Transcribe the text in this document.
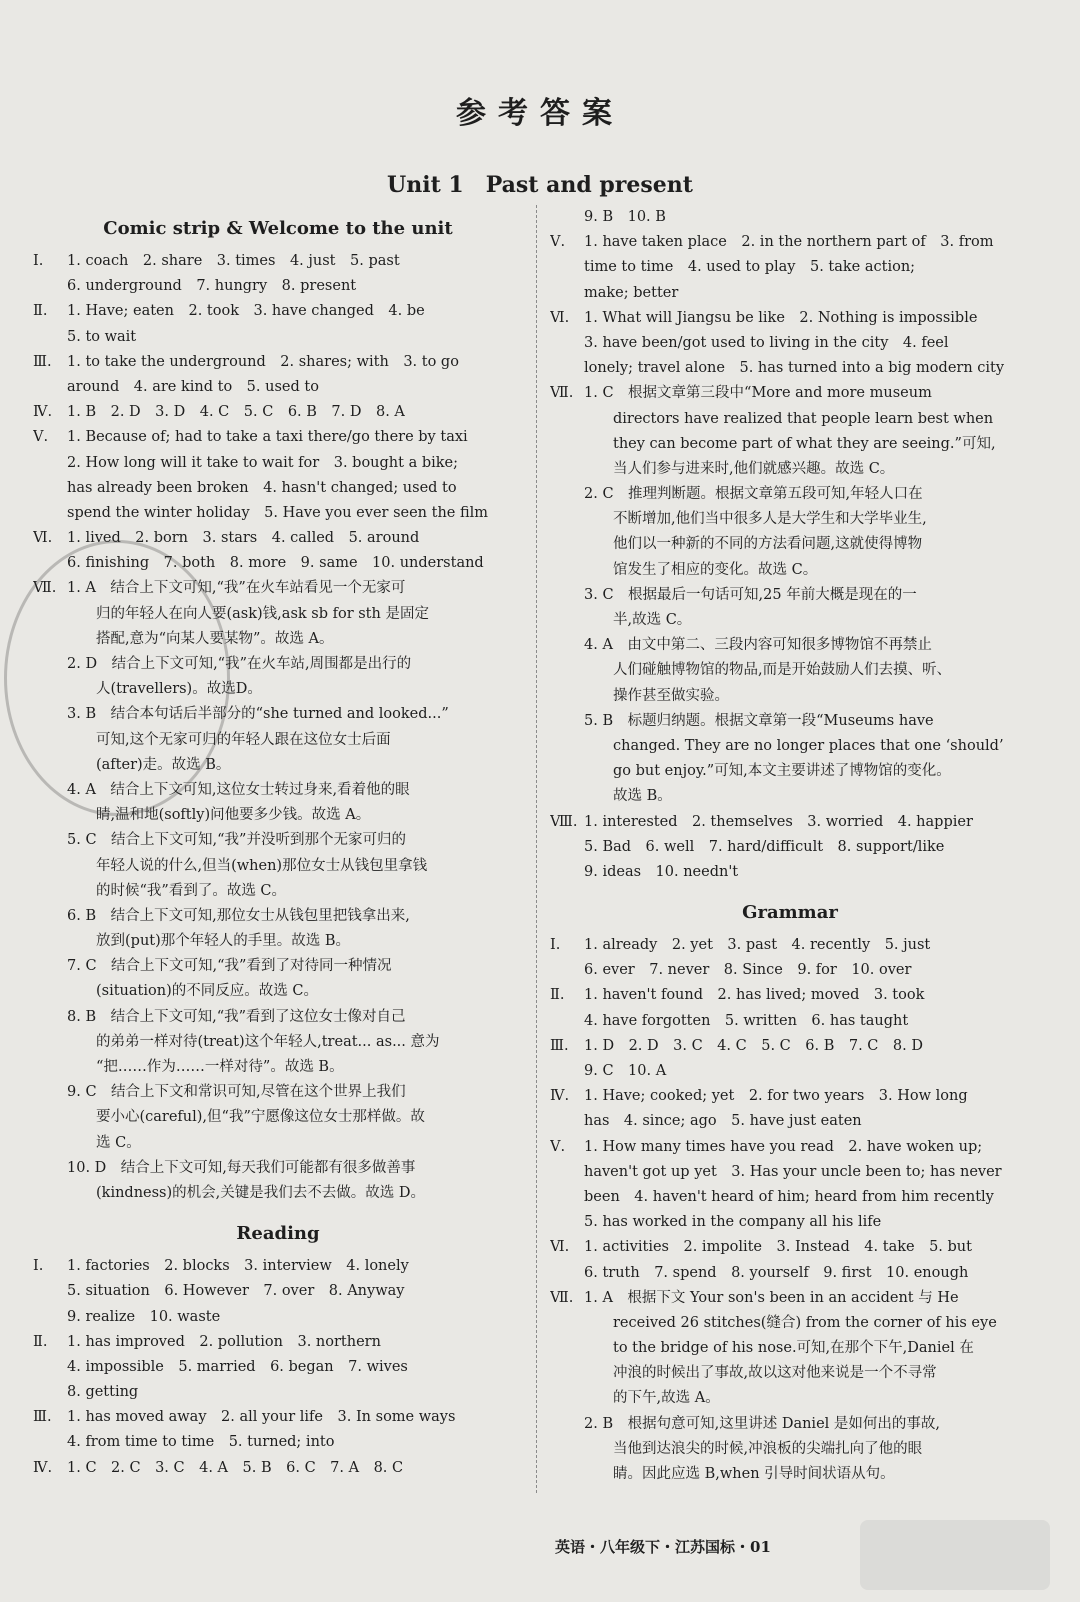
参考答案
Unit 1　Past and present
Comic strip & Welcome to the unit
Ⅰ. 1. coach　2. share　3. times　4. just　5. past
6. underground　7. hungry　8. present
Ⅱ. 1. Have; eaten　2. took　3. have changed　4. be
5. to wait
Ⅲ. 1. to take the underground　2. shares; with　3. to go
around　4. are kind to　5. used to
Ⅳ. 1. B　2. D　3. D　4. C　5. C　6. B　7. D　8. A
Ⅴ. 1. Because of; had to take a taxi there/go there by taxi
2. How long will it take to wait for　3. bought a bike;
has already been broken　4. hasn't changed; used to
spend the winter holiday　5. Have you ever seen the film
Ⅵ. 1. lived　2. born　3. stars　4. called　5. around
6. finishing　7. both　8. more　9. same　10. understand
Ⅶ. 1. A　结合上下文可知,“我”在火车站看见一个无家可
　　归的年轻人在向人要(ask)钱,ask sb for sth 是固定
　　搭配,意为“向某人要某物”。故选 A。
2. D　结合上下文可知,“我”在火车站,周围都是出行的
　　人(travellers)。故选D。
3. B　结合本句话后半部分的“she turned and looked...”
　　可知,这个无家可归的年轻人跟在这位女士后面
　　(after)走。故选 B。
4. A　结合上下文可知,这位女士转过身来,看着他的眼
　　睛,温和地(softly)问他要多少钱。故选 A。
5. C　结合上下文可知,“我”并没听到那个无家可归的
　　年轻人说的什么,但当(when)那位女士从钱包里拿钱
　　的时候“我”看到了。故选 C。
6. B　结合上下文可知,那位女士从钱包里把钱拿出来,
　　放到(put)那个年轻人的手里。故选 B。
7. C　结合上下文可知,“我”看到了对待同一种情况
　　(situation)的不同反应。故选 C。
8. B　结合上下文可知,“我”看到了这位女士像对自己
　　的弟弟一样对待(treat)这个年轻人,treat... as... 意为
　　“把……作为……一样对待”。故选 B。
9. C　结合上下文和常识可知,尽管在这个世界上我们
　　要小心(careful),但“我”宁愿像这位女士那样做。故
　　选 C。
10. D　结合上下文可知,每天我们可能都有很多做善事
　　(kindness)的机会,关键是我们去不去做。故选 D。
Reading
Ⅰ. 1. factories　2. blocks　3. interview　4. lonely
5. situation　6. However　7. over　8. Anyway
9. realize　10. waste
Ⅱ. 1. has improved　2. pollution　3. northern
4. impossible　5. married　6. began　7. wives
8. getting
Ⅲ. 1. has moved away　2. all your life　3. In some ways
4. from time to time　5. turned; into
Ⅳ. 1. C　2. C　3. C　4. A　5. B　6. C　7. A　8. C
9. B　10. B
Ⅴ. 1. have taken place　2. in the northern part of　3. from
time to time　4. used to play　5. take action;
make; better
Ⅵ. 1. What will Jiangsu be like　2. Nothing is impossible
3. have been/got used to living in the city　4. feel
lonely; travel alone　5. has turned into a big modern city
Ⅶ. 1. C　根据文章第三段中“More and more museum
　　directors have realized that people learn best when
　　they can become part of what they are seeing.”可知,
　　当人们参与进来时,他们就感兴趣。故选 C。
2. C　推理判断题。根据文章第五段可知,年轻人口在
　　不断增加,他们当中很多人是大学生和大学毕业生,
　　他们以一种新的不同的方法看问题,这就使得博物
　　馆发生了相应的变化。故选 C。
3. C　根据最后一句话可知,25 年前大概是现在的一
　　半,故选 C。
4. A　由文中第二、三段内容可知很多博物馆不再禁止
　　人们碰触博物馆的物品,而是开始鼓励人们去摸、听、
　　操作甚至做实验。
5. B　标题归纳题。根据文章第一段“Museums have
　　changed. They are no longer places that one ‘should’
　　go but enjoy.”可知,本文主要讲述了博物馆的变化。
　　故选 B。
Ⅷ. 1. interested　2. themselves　3. worried　4. happier
5. Bad　6. well　7. hard/difficult　8. support/like
9. ideas　10. needn't
Grammar
Ⅰ. 1. already　2. yet　3. past　4. recently　5. just
6. ever　7. never　8. Since　9. for　10. over
Ⅱ. 1. haven't found　2. has lived; moved　3. took
4. have forgotten　5. written　6. has taught
Ⅲ. 1. D　2. D　3. C　4. C　5. C　6. B　7. C　8. D
9. C　10. A
Ⅳ. 1. Have; cooked; yet　2. for two years　3. How long
has　4. since; ago　5. have just eaten
Ⅴ. 1. How many times have you read　2. have woken up;
haven't got up yet　3. Has your uncle been to; has never
been　4. haven't heard of him; heard from him recently
5. has worked in the company all his life
Ⅵ. 1. activities　2. impolite　3. Instead　4. take　5. but
6. truth　7. spend　8. yourself　9. first　10. enough
Ⅶ. 1. A　根据下文 Your son's been in an accident 与 He
　　received 26 stitches(缝合) from the corner of his eye
　　to the bridge of his nose.可知,在那个下午,Daniel 在
　　冲浪的时候出了事故,故以这对他来说是一个不寻常
　　的下午,故选 A。
2. B　根据句意可知,这里讲述 Daniel 是如何出的事故,
　　当他到达浪尖的时候,冲浪板的尖端扎向了他的眼
　　睛。因此应选 B,when 引导时间状语从句。
英语・八年级下・江苏国标・01
